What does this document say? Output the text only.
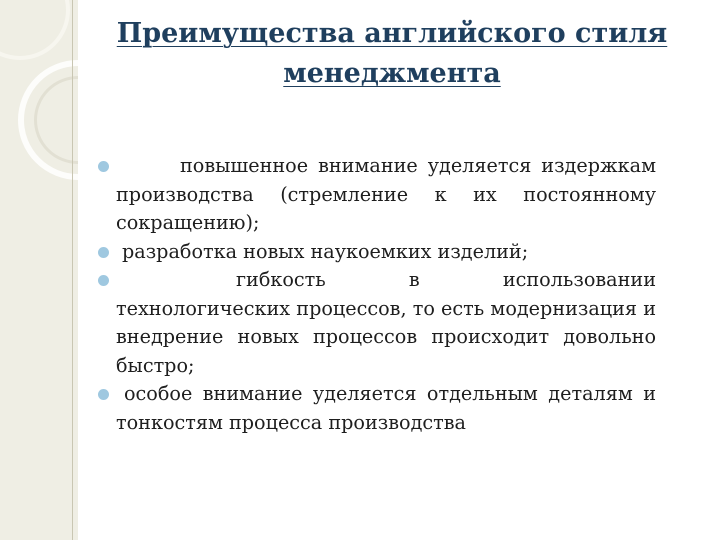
Преимущества английского стиля
менеджмента
повышенное внимание уделяется издержкам производства (стремление к их постоянному сокращению);
разработка новых наукоемких изделий;
гибкость в использовании технологических процессов, то есть модернизация и внедрение новых процессов происходит довольно быстро;
особое внимание уделяется отдельным деталям и тонкостям процесса производства
